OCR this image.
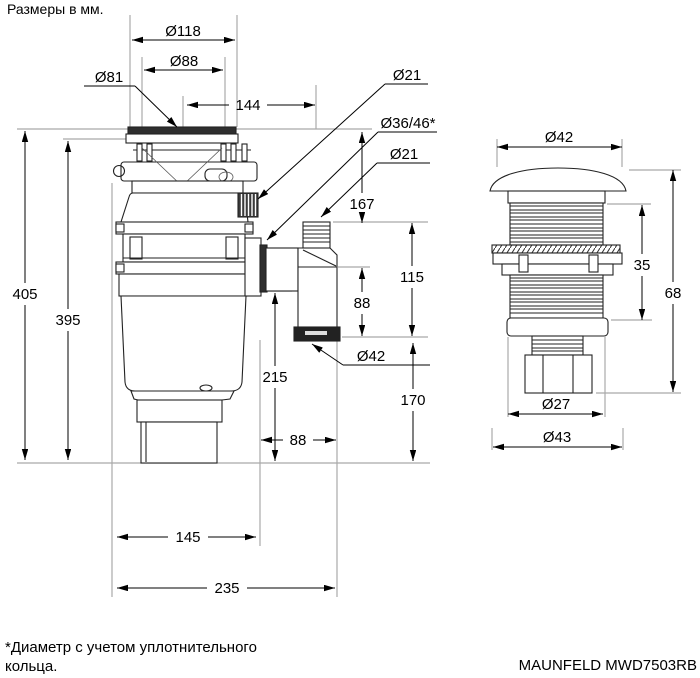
Размеры в мм.
Ø118
Ø88
Ø81
144
Ø21
Ø36/46*
Ø21
167
115
88
Ø42
405
395
215
170
88
145
235
Ø42
35
68
Ø27
Ø43
*Диаметр с учетом уплотнительного
кольца.	MAUNFELD MWD7503RB
